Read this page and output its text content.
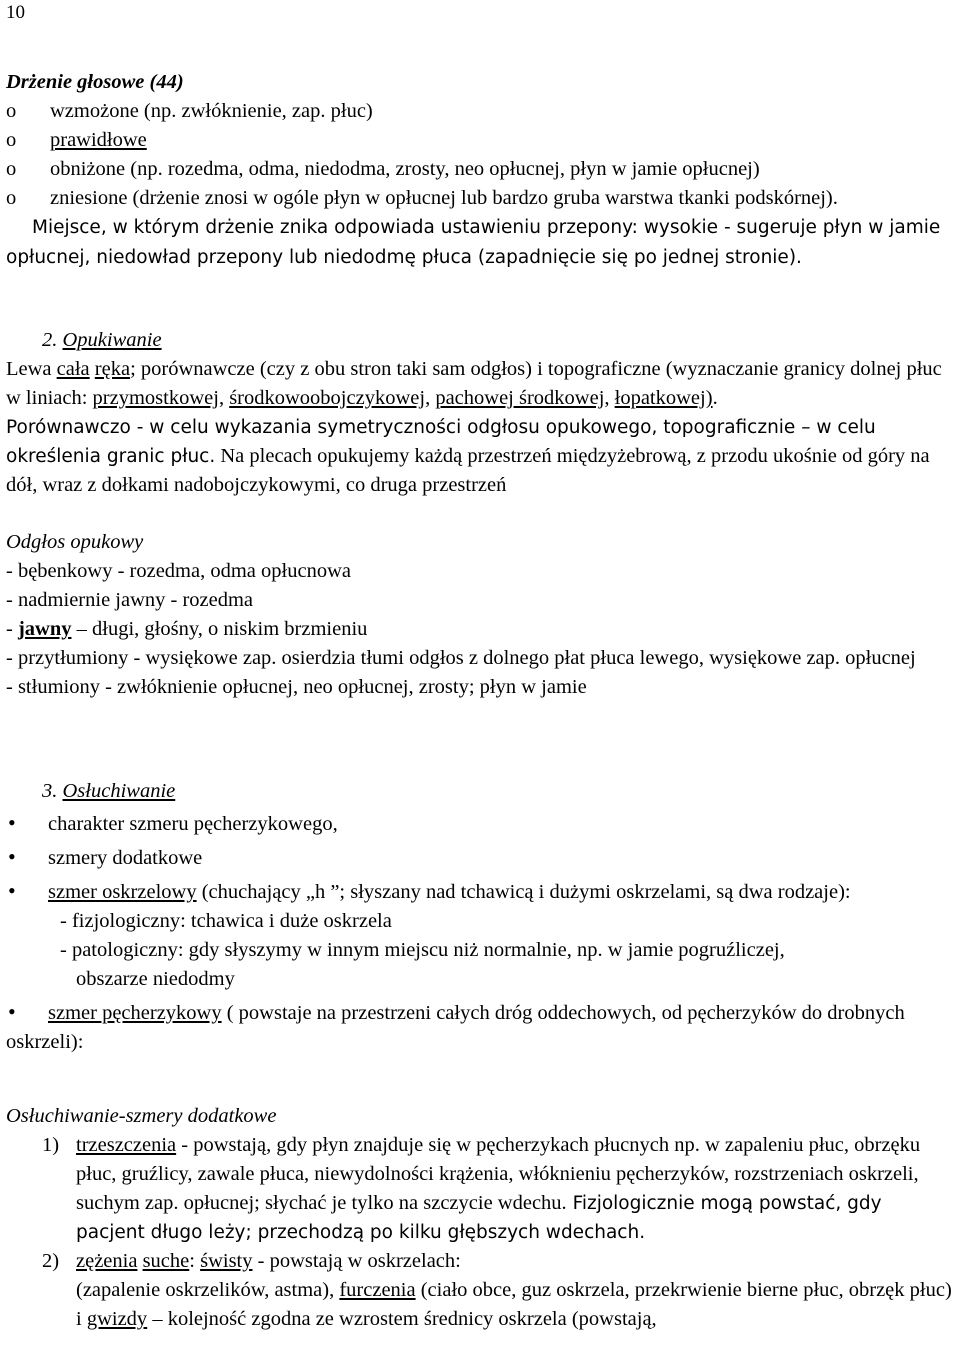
10

Drżenie głosowe (44)

o	wzmożone (np. zwłóknienie, zap. płuc)
o	prawidłowe
o	obniżone (np. rozedma, odma, niedodma, zrosty, neo opłucnej, płyn w jamie opłucnej)
o	zniesione (drżenie znosi w ogóle płyn w opłucnej lub bardzo gruba warstwa tkanki podskórnej).

Miejsce, w którym drżenie znika odpowiada ustawieniu przepony: wysokie - sugeruje płyn w jamie opłucnej, niedowład przepony lub niedodmę płuca (zapadnięcie się po jednej stronie).

2. Opukiwanie

Lewa cała ręka; porównawcze (czy z obu stron taki sam odgłos) i topograficzne (wyznaczanie granicy dolnej płuc w liniach: przymostkowej, środkowoobojczykowej, pachowej środkowej, łopatkowej).

Porównawczo - w celu wykazania symetryczności odgłosu opukowego, topograficznie – w celu określenia granic płuc. Na plecach opukujemy każdą przestrzeń międzyżebrową, z przodu ukośnie od góry na dół, wraz z dołkami nadobojczykowymi, co druga przestrzeń

Odgłos opukowy

- bębenkowy - rozedma, odma opłucnowa

- nadmiernie jawny - rozedma

- jawny – długi, głośny, o niskim brzmieniu

- przytłumiony - wysiękowe zap. osierdzia tłumi odgłos z dolnego płat płuca lewego, wysiękowe zap. opłucnej

- stłumiony - zwłóknienie opłucnej, neo opłucnej, zrosty; płyn w jamie

3. Osłuchiwanie

•charakter szmeru pęcherzykowego,

•szmery dodatkowe

•szmer oskrzelowy (chuchający „h ”; słyszany nad tchawicą i dużymi oskrzelami, są dwa rodzaje):

- fizjologiczny: tchawica i duże oskrzela

- patologiczny: gdy słyszymy w innym miejscu niż normalnie, np. w jamie pogruźliczej,

obszarze niedodmy

•szmer pęcherzykowy ( powstaje na przestrzeni całych dróg oddechowych, od pęcherzyków do drobnych oskrzeli):

Osłuchiwanie-szmery dodatkowe

1) trzeszczenia - powstają, gdy płyn znajduje się w pęcherzykach płucnych np. w zapaleniu płuc, obrzęku płuc, gruźlicy, zawale płuca, niewydolności krążenia, włóknieniu pęcherzyków, rozstrzeniach oskrzeli, suchym zap. opłucnej; słychać je tylko na szczycie wdechu. Fizjologicznie mogą powstać, gdy pacjent długo leży; przechodzą po kilku głębszych wdechach.
2) zężenia suche: świsty - powstają w oskrzelach:
(zapalenie oskrzelików, astma), furczenia (ciało obce, guz oskrzela, przekrwienie bierne płuc, obrzęk płuc) i gwizdy – kolejność zgodna ze wzrostem średnicy oskrzela (powstają,
